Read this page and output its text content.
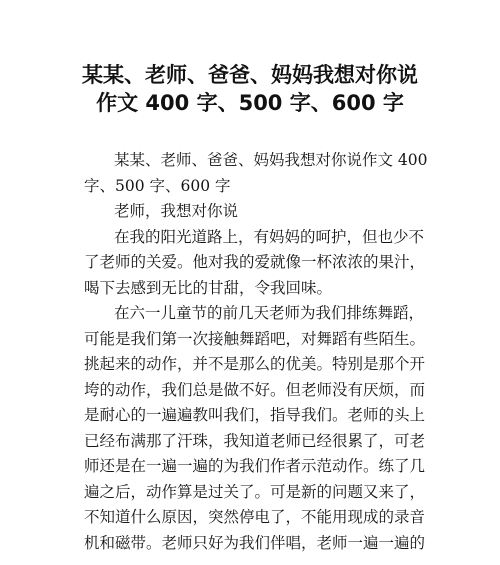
某某、老师、爸爸、妈妈我想对你说
作文 400 字、500 字、600 字
某某、老师、爸爸、妈妈我想对你说作文 400
字、500 字、600 字
老师，我想对你说
在我的阳光道路上，有妈妈的呵护，但也少不
了老师的关爱。他对我的爱就像一杯浓浓的果汁，
喝下去感到无比的甘甜，令我回味。
在六一儿童节的前几天老师为我们排练舞蹈，
可能是我们第一次接触舞蹈吧，对舞蹈有些陌生。
挑起来的动作，并不是那么的优美。特别是那个开
垮的动作，我们总是做不好。但老师没有厌烦，而
是耐心的一遍遍教叫我们，指导我们。老师的头上
已经布满那了汗珠，我知道老师已经很累了，可老
师还是在一遍一遍的为我们作者示范动作。练了几
遍之后，动作算是过关了。可是新的问题又来了，
不知道什么原因，突然停电了，不能用现成的录音
机和磁带。老师只好为我们伴唱，老师一遍一遍的
